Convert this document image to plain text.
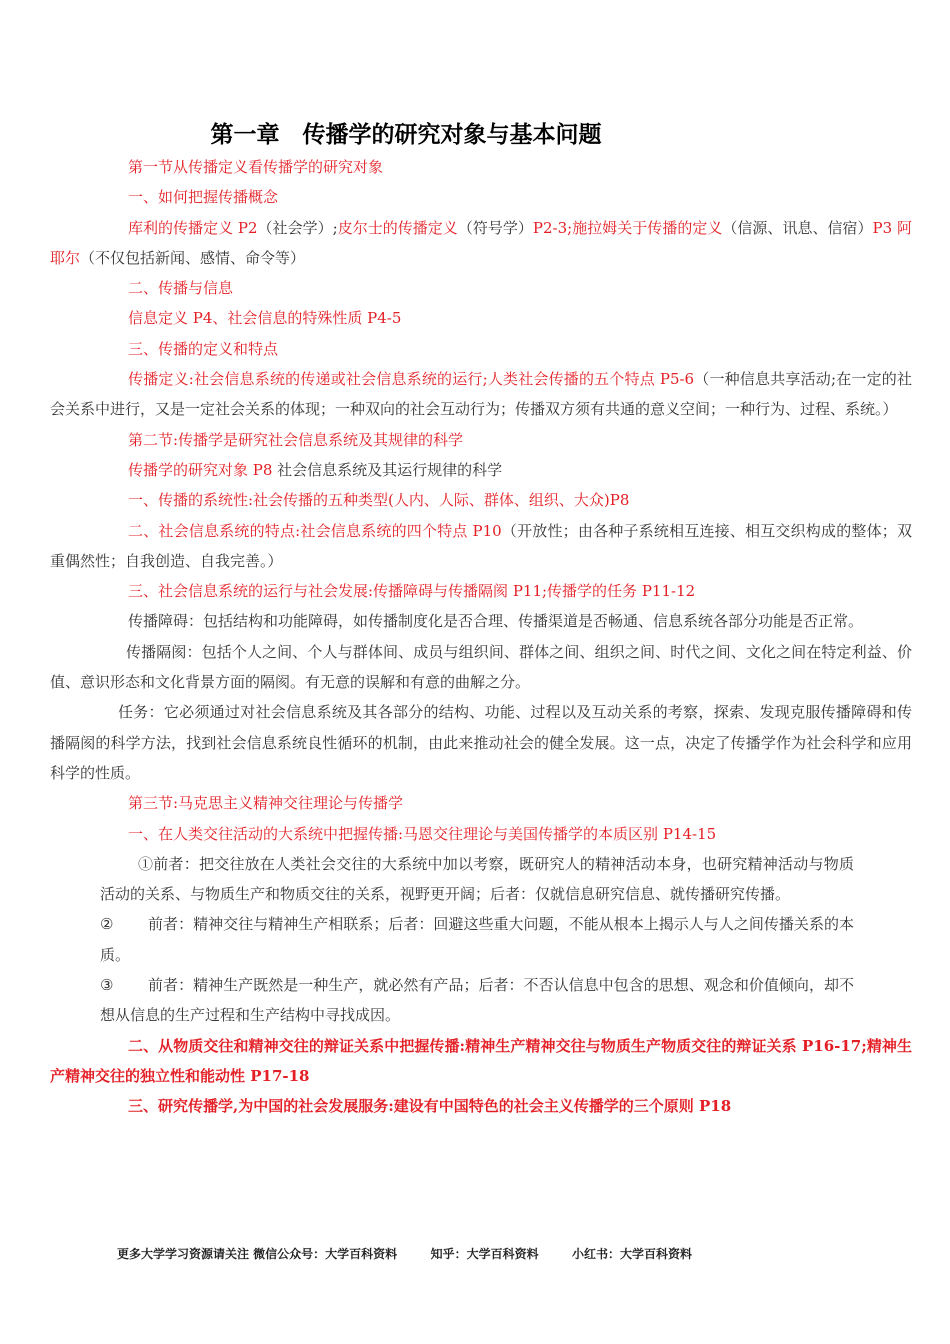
第一章　传播学的研究对象与基本问题

第一节从传播定义看传播学的研究对象

一、如何把握传播概念

库利的传播定义 P2（社会学）;皮尔士的传播定义（符号学）P2-3;施拉姆关于传播的定义（信源、讯息、信宿）P3 阿耶尔（不仅包括新闻、感情、命令等）

二、传播与信息

信息定义 P4、社会信息的特殊性质 P4-5

三、传播的定义和特点

传播定义:社会信息系统的传递或社会信息系统的运行;人类社会传播的五个特点 P5-6（一种信息共享活动;在一定的社会关系中进行，又是一定社会关系的体现；一种双向的社会互动行为；传播双方须有共通的意义空间；一种行为、过程、系统。）

第二节:传播学是研究社会信息系统及其规律的科学

传播学的研究对象 P8 社会信息系统及其运行规律的科学

一、传播的系统性:社会传播的五种类型(人内、人际、群体、组织、大众)P8

二、社会信息系统的特点:社会信息系统的四个特点 P10（开放性；由各种子系统相互连接、相互交织构成的整体；双重偶然性；自我创造、自我完善。）

三、社会信息系统的运行与社会发展:传播障碍与传播隔阂 P11;传播学的任务 P11-12

传播障碍：包括结构和功能障碍，如传播制度化是否合理、传播渠道是否畅通、信息系统各部分功能是否正常。

传播隔阂：包括个人之间、个人与群体间、成员与组织间、群体之间、组织之间、时代之间、文化之间在特定利益、价值、意识形态和文化背景方面的隔阂。有无意的误解和有意的曲解之分。

任务：它必须通过对社会信息系统及其各部分的结构、功能、过程以及互动关系的考察，探索、发现克服传播障碍和传播隔阂的科学方法，找到社会信息系统良性循环的机制，由此来推动社会的健全发展。这一点，决定了传播学作为社会科学和应用科学的性质。

第三节:马克思主义精神交往理论与传播学

一、在人类交往活动的大系统中把握传播:马恩交往理论与美国传播学的本质区别 P14-15

①前者：把交往放在人类社会交往的大系统中加以考察，既研究人的精神活动本身，也研究精神活动与物质活动的关系、与物质生产和物质交往的关系，视野更开阔；后者：仅就信息研究信息、就传播研究传播。

② 前者：精神交往与精神生产相联系；后者：回避这些重大问题，不能从根本上揭示人与人之间传播关系的本质。

③ 前者：精神生产既然是一种生产，就必然有产品；后者：不否认信息中包含的思想、观念和价值倾向，却不想从信息的生产过程和生产结构中寻找成因。

二、从物质交往和精神交往的辩证关系中把握传播:精神生产精神交往与物质生产物质交往的辩证关系 P16-17;精神生产精神交往的独立性和能动性 P17-18

三、研究传播学,为中国的社会发展服务:建设有中国特色的社会主义传播学的三个原则 P18

更多大学学习资源请关注 微信公众号：大学百科资料        知乎：大学百科资料        小红书：大学百科资料
